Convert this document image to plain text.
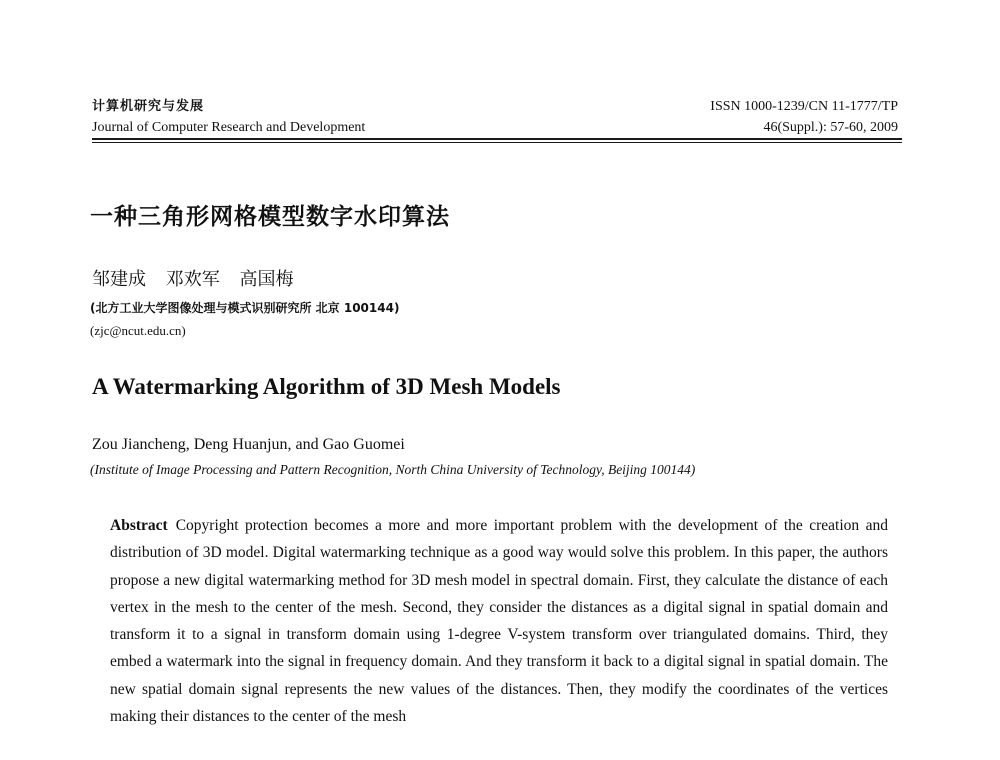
计算机研究与发展
Journal of Computer Research and Development
ISSN 1000-1239/CN 11-1777/TP
46(Suppl.): 57-60, 2009
一种三角形网格模型数字水印算法
邹建成 邓欢军 高国梅
(北方工业大学图像处理与模式识别研究所 北京 100144)
(zjc@ncut.edu.cn)
A Watermarking Algorithm of 3D Mesh Models
Zou Jiancheng, Deng Huanjun, and Gao Guomei
(Institute of Image Processing and Pattern Recognition, North China University of Technology, Beijing 100144)

Abstract Copyright protection becomes a more and more important problem with the development of the creation and distribution of 3D model. Digital watermarking technique as a good way would solve this problem. In this paper, the authors propose a new digital watermarking method for 3D mesh model in spectral domain. First, they calculate the distance of each vertex in the mesh to the center of the mesh. Second, they consider the distances as a digital signal in spatial domain and transform it to a signal in transform domain using 1-degree V-system transform over triangulated domains. Third, they embed a watermark into the signal in frequency domain. And they transform it back to a digital signal in spatial domain. The new spatial domain signal represents the new values of the distances. Then, they modify the coordinates of the vertices making their distances to the center of the mesh
